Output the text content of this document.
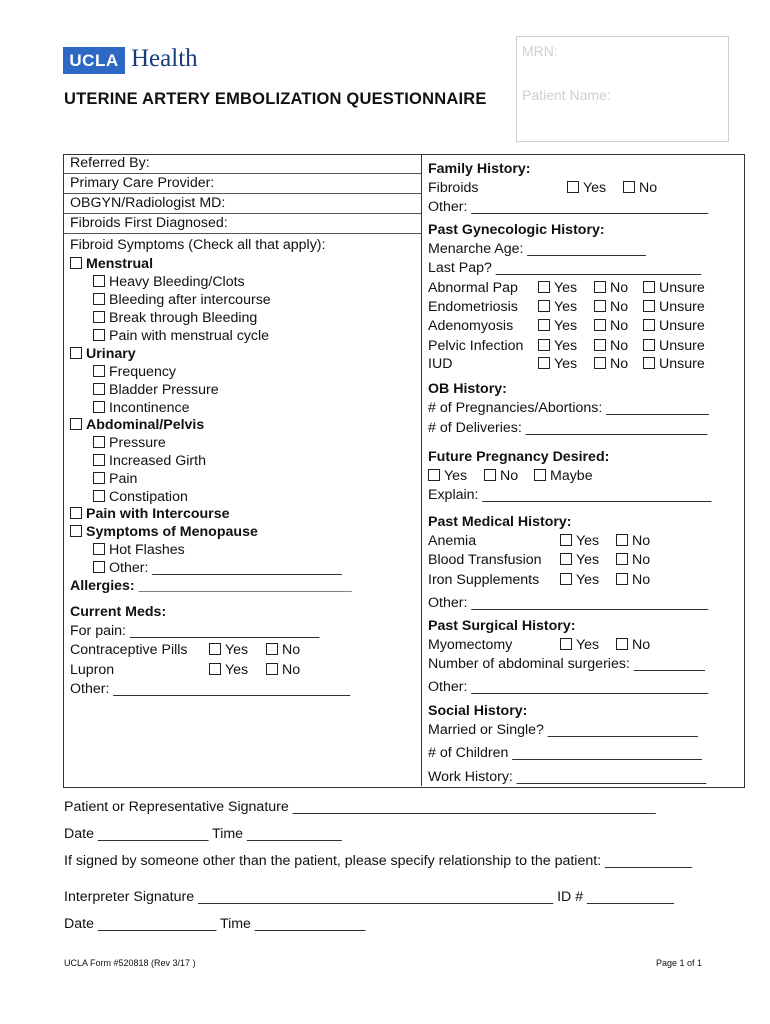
UCLA Health
UTERINE ARTERY EMBOLIZATION QUESTIONNAIRE
MRN:
Patient Name:
Referred By:
Primary Care Provider:
OBGYN/Radiologist MD:
Fibroids First Diagnosed:
Fibroid Symptoms (Check all that apply):
Menstrual
Heavy Bleeding/Clots
Bleeding after intercourse
Break through Bleeding
Pain with menstrual cycle
Urinary
Frequency
Bladder Pressure
Incontinence
Abdominal/Pelvis
Pressure
Increased Girth
Pain
Constipation
Pain with Intercourse
Symptoms of Menopause
Hot Flashes
Other: ________________________
Allergies: ___________________________
Current Meds:
For pain: ________________________
Contraceptive Pills	Yes	No
Lupron	Yes	No
Other: ______________________________
Family History:
Fibroids	Yes	No
Other: ______________________________
Past Gynecologic History:
Menarche Age: _______________
Last Pap? __________________________
Abnormal Pap	Yes	No	Unsure
Endometriosis	Yes	No	Unsure
Adenomyosis	Yes	No	Unsure
Pelvic Infection	Yes	No	Unsure
IUD	Yes	No	Unsure
OB History:
# of Pregnancies/Abortions: _____________
# of Deliveries: _______________________
Future Pregnancy Desired:
Yes	No	Maybe
Explain: _____________________________
Past Medical History:
Anemia	Yes	No
Blood Transfusion	Yes	No
Iron Supplements	Yes	No
Other: ______________________________
Past Surgical History:
Myomectomy	Yes	No
Number of abdominal surgeries: _________
Other: ______________________________
Social History:
Married or Single? ___________________
# of Children ________________________
Work History: ________________________
Patient or Representative Signature ______________________________________________
Date ______________ Time ____________
If signed by someone other than the patient, please specify relationship to the patient: ___________
Interpreter Signature _____________________________________________ ID # ___________
Date _______________ Time ______________
UCLA Form #520818 (Rev 3/17 )	Page 1 of 1
